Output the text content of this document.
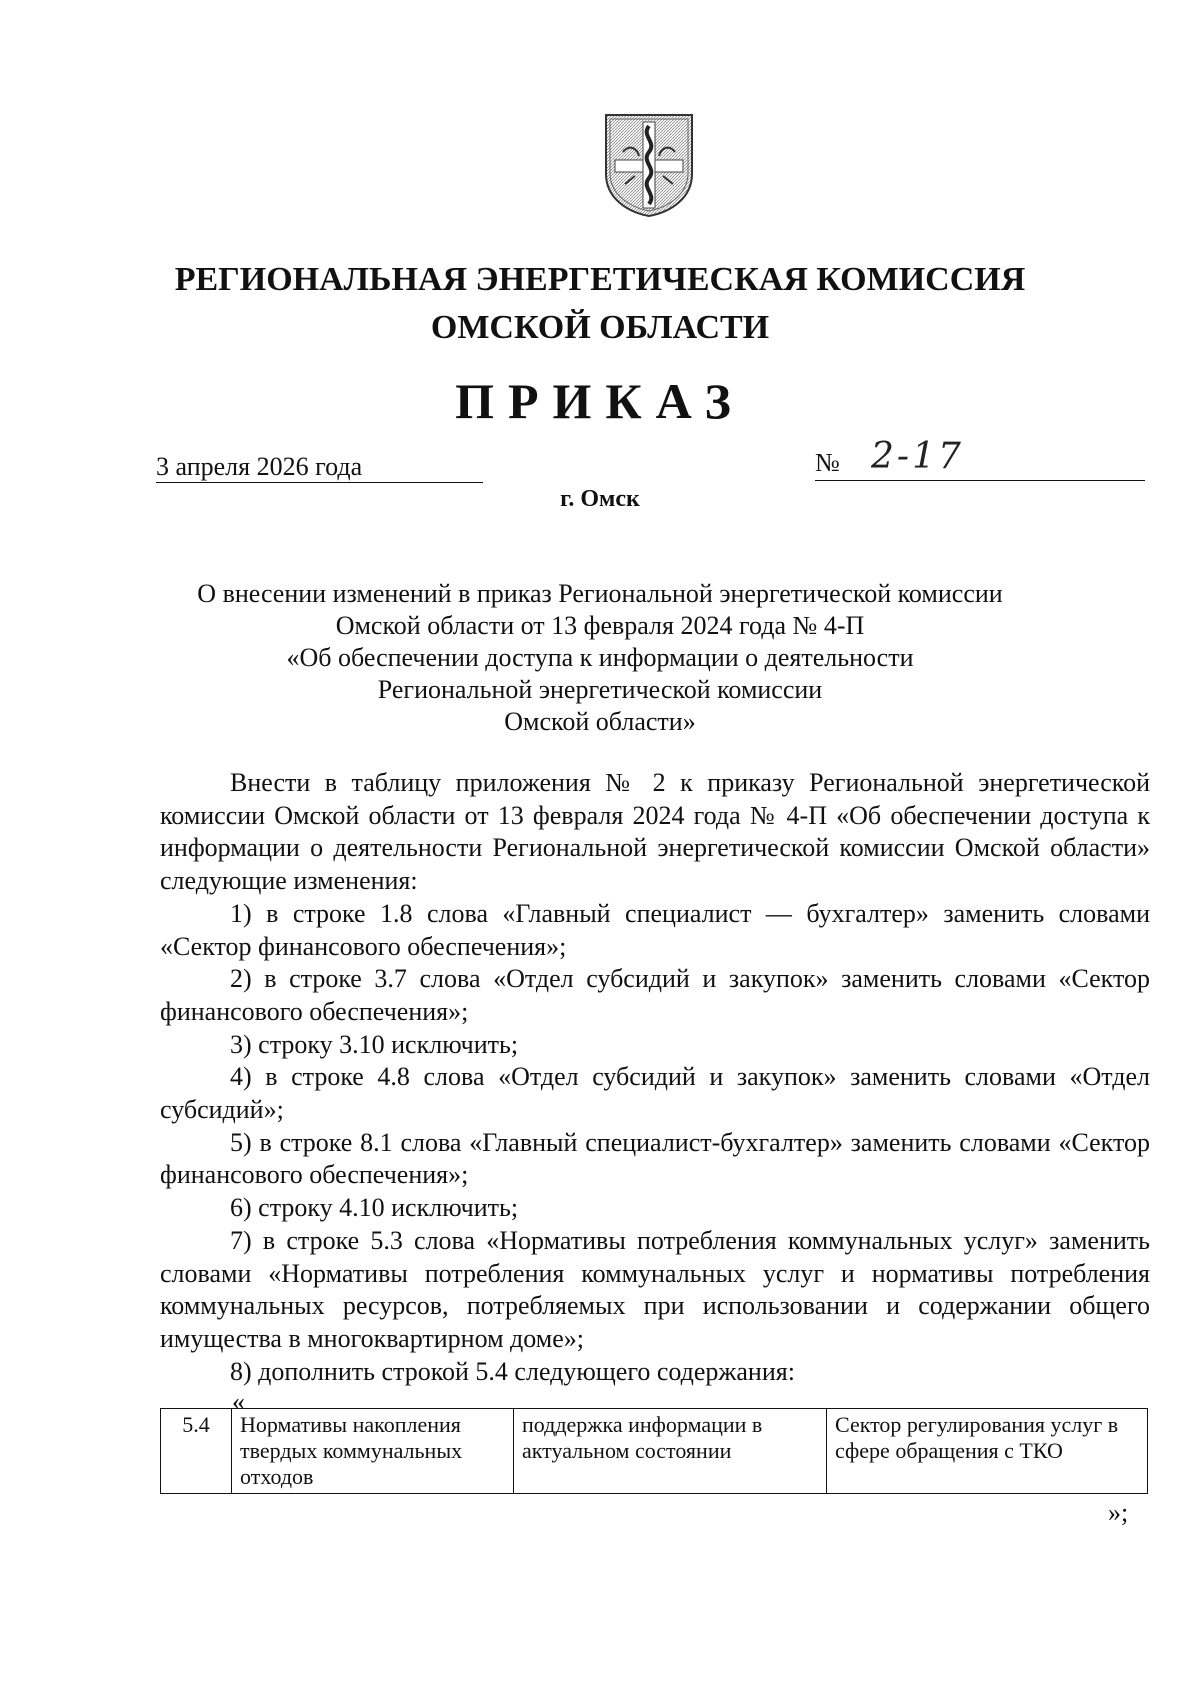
РЕГИОНАЛЬНАЯ ЭНЕРГЕТИЧЕСКАЯ КОМИССИЯ
ОМСКОЙ ОБЛАСТИ
ПРИКАЗ
3 апреля 2026 года	№ 2-17
г. Омск
О внесении изменений в приказ Региональной энергетической комиссии
Омской области от 13 февраля 2024 года № 4-П
«Об обеспечении доступа к информации о деятельности
Региональной энергетической комиссии
Омской области»

Внести в таблицу приложения № 2 к приказу Региональной энергетической комиссии Омской области от 13 февраля 2024 года № 4-П «Об обеспечении доступа к информации о деятельности Региональной энергетической комиссии Омской области» следующие изменения:

1) в строке 1.8 слова «Главный специалист — бухгалтер» заменить словами «Сектор финансового обеспечения»;

2) в строке 3.7 слова «Отдел субсидий и закупок» заменить словами «Сектор финансового обеспечения»;

3) строку 3.10 исключить;

4) в строке 4.8 слова «Отдел субсидий и закупок» заменить словами «Отдел субсидий»;

5) в строке 8.1 слова «Главный специалист-бухгалтер» заменить словами «Сектор финансового обеспечения»;

6) строку 4.10 исключить;

7) в строке 5.3 слова «Нормативы потребления коммунальных услуг» заменить словами «Нормативы потребления коммунальных услуг и нормативы потребления коммунальных ресурсов, потребляемых при использовании и содержании общего имущества в многоквартирном доме»;

8) дополнить строкой 5.4 следующего содержания:

«
5.4	Нормативы накопления твердых коммунальных отходов	поддержка информации в актуальном состоянии	Сектор регулирования услуг в сфере обращения с ТКО
»;
